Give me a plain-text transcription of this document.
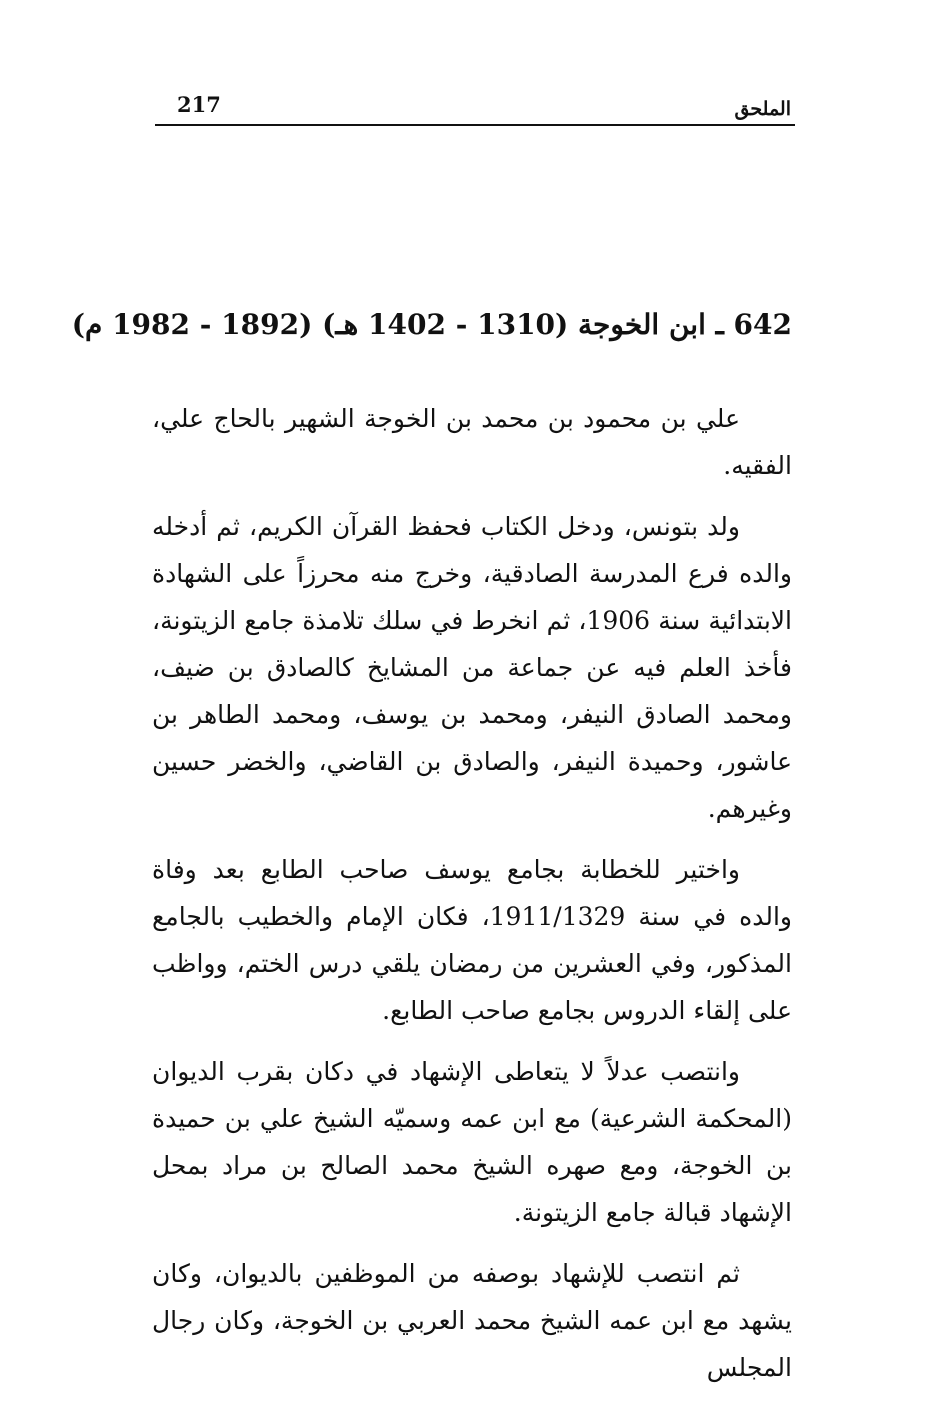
الملحق
217
642 ـ ابن الخوجة (1310 - 1402 هـ) (1892 - 1982 م)

علي بن محمود بن محمد بن الخوجة الشهير بالحاج علي، الفقيه.

ولد بتونس، ودخل الكتاب فحفظ القرآن الكريم، ثم أدخله والده فرع المدرسة الصادقية، وخرج منه محرزاً على الشهادة الابتدائية سنة 1906، ثم انخرط في سلك تلامذة جامع الزيتونة، فأخذ العلم فيه عن جماعة من المشايخ كالصادق بن ضيف، ومحمد الصادق النيفر، ومحمد بن يوسف، ومحمد الطاهر بن عاشور، وحميدة النيفر، والصادق بن القاضي، والخضر حسين وغيرهم.

واختير للخطابة بجامع يوسف صاحب الطابع بعد وفاة والده في سنة 1911/1329، فكان الإمام والخطيب بالجامع المذكور، وفي العشرين من رمضان يلقي درس الختم، وواظب على إلقاء الدروس بجامع صاحب الطابع.

وانتصب عدلاً لا يتعاطى الإشهاد في دكان بقرب الديوان (المحكمة الشرعية) مع ابن عمه وسميّه الشيخ علي بن حميدة بن الخوجة، ومع صهره الشيخ محمد الصالح بن مراد بمحل الإشهاد قبالة جامع الزيتونة.

ثم انتصب للإشهاد بوصفه من الموظفين بالديوان، وكان يشهد مع ابن عمه الشيخ محمد العربي بن الخوجة، وكان رجال المجلس
